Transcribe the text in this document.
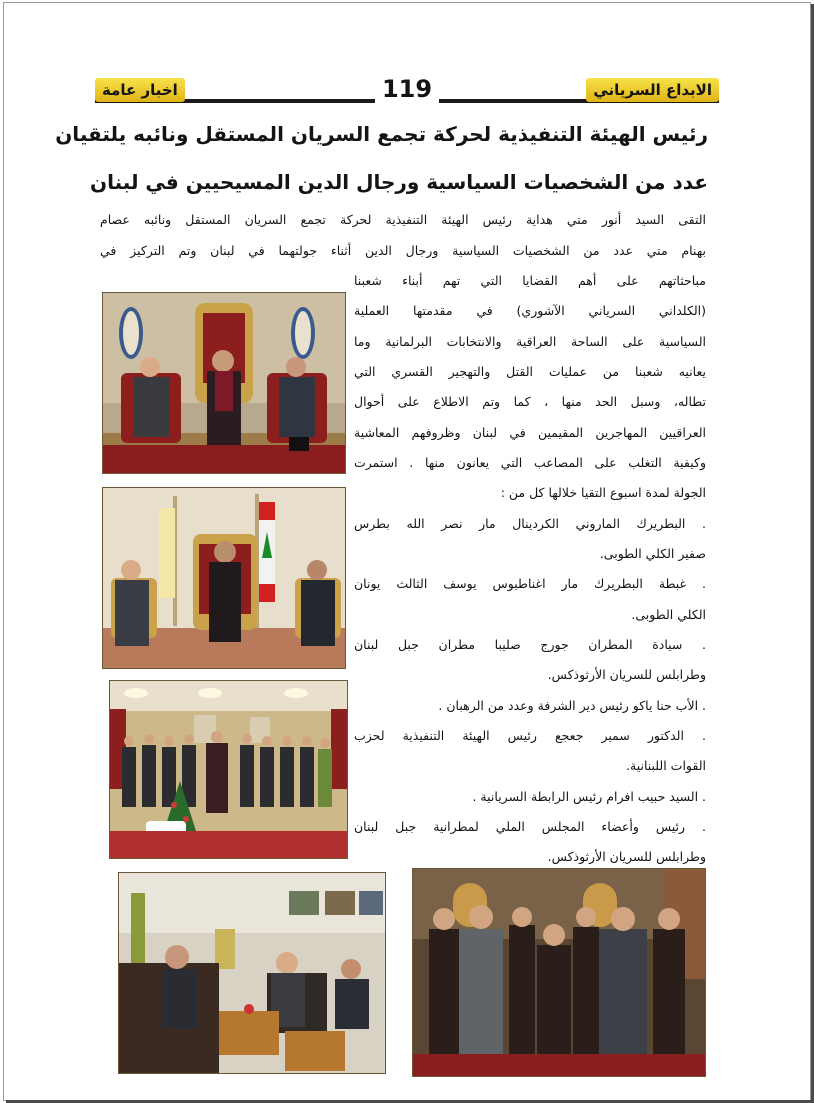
اخبار عامة	119	الابداع السرياني
رئيس الهيئة التنفيذية لحركة تجمع السريان المستقل ونائبه يلتقيان
عدد من الشخصيات السياسية ورجال الدين المسيحيين في لبنان
التقى السيد أنور متي هداية رئيس الهيئة التنفيذية لحركة تجمع السريان المستقل ونائبه عصام
بهنام متي عدد من الشخصيات السياسية ورجال الدين أثناء جولتهما في لبنان وتم التركيز في
مباحثاتهم على أهم القضايا التي تهم أبناء شعبنا
(الكلداني السرياني الآشوري) في مقدمتها العملية
السياسية على الساحة العراقية والانتخابات البرلمانية وما
يعانيه شعبنا من عمليات القتل والتهجير القسري التي
تطاله، وسبل الحد منها ، كما وتم الاطلاع على أحوال
العراقيين المهاجرين المقيمين في لبنان وظروفهم المعاشية
وكيفية التغلب على المصاعب التي يعانون منها . استمرت
الجولة لمدة اسبوع التقيا خلالها كل من :
. البطريرك الماروني الكردينال مار نصر الله بطرس
صفير الكلي الطوبى.
. غبطة البطريرك مار اغناطيوس يوسف الثالث يونان
الكلي الطوبى.
. سيادة المطران جورج صليبا مطران جبل لبنان
وطرابلس للسريان الأرثوذكس.
. الأب حنا ياكو رئيس دير الشرفة وعدد من الرهبان .
. الدكتور سمير جعجع رئيس الهيئة التنفيذية لحزب
القوات اللبنانية.
. السيد حبيب افرام رئيس الرابطة السريانية .
. رئيس وأعضاء المجلس الملي لمطرانية جبل لبنان
وطرابلس للسريان الأرثوذكس.
